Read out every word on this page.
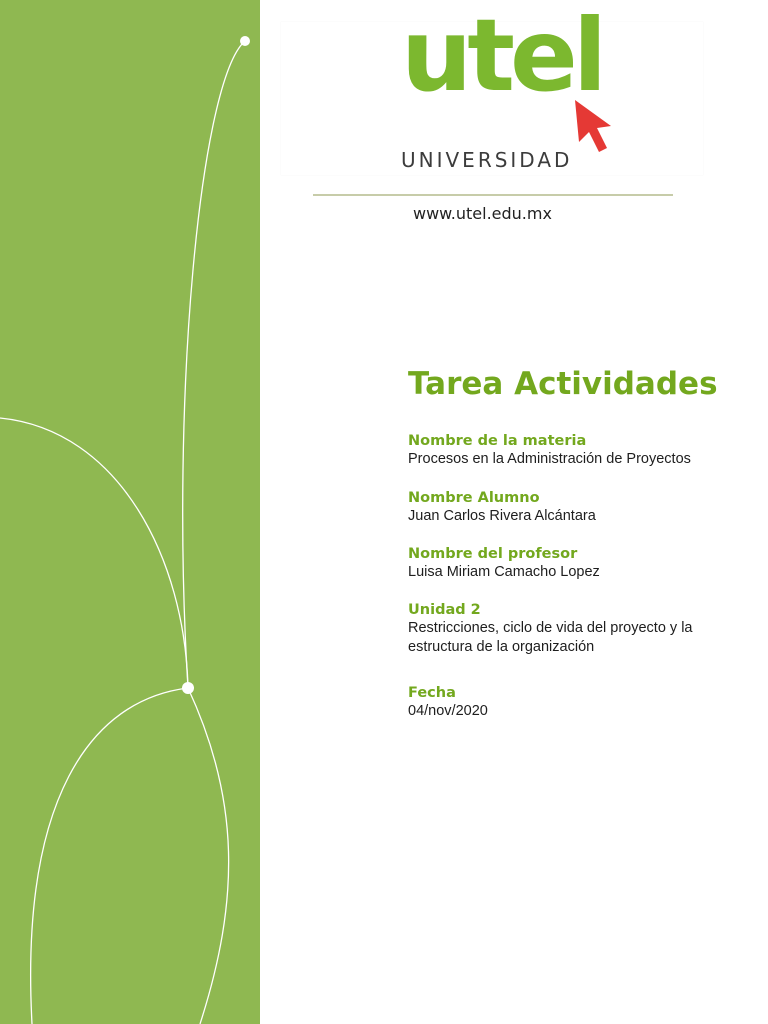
utel
UNIVERSIDAD
www.utel.edu.mx
Tarea Actividades
Nombre de la materia
Procesos en la Administración de Proyectos
Nombre Alumno
Juan Carlos Rivera Alcántara
Nombre del profesor
Luisa Miriam Camacho Lopez
Unidad 2
Restricciones, ciclo de vida del proyecto y la estructura de la organización
Fecha
04/nov/2020
